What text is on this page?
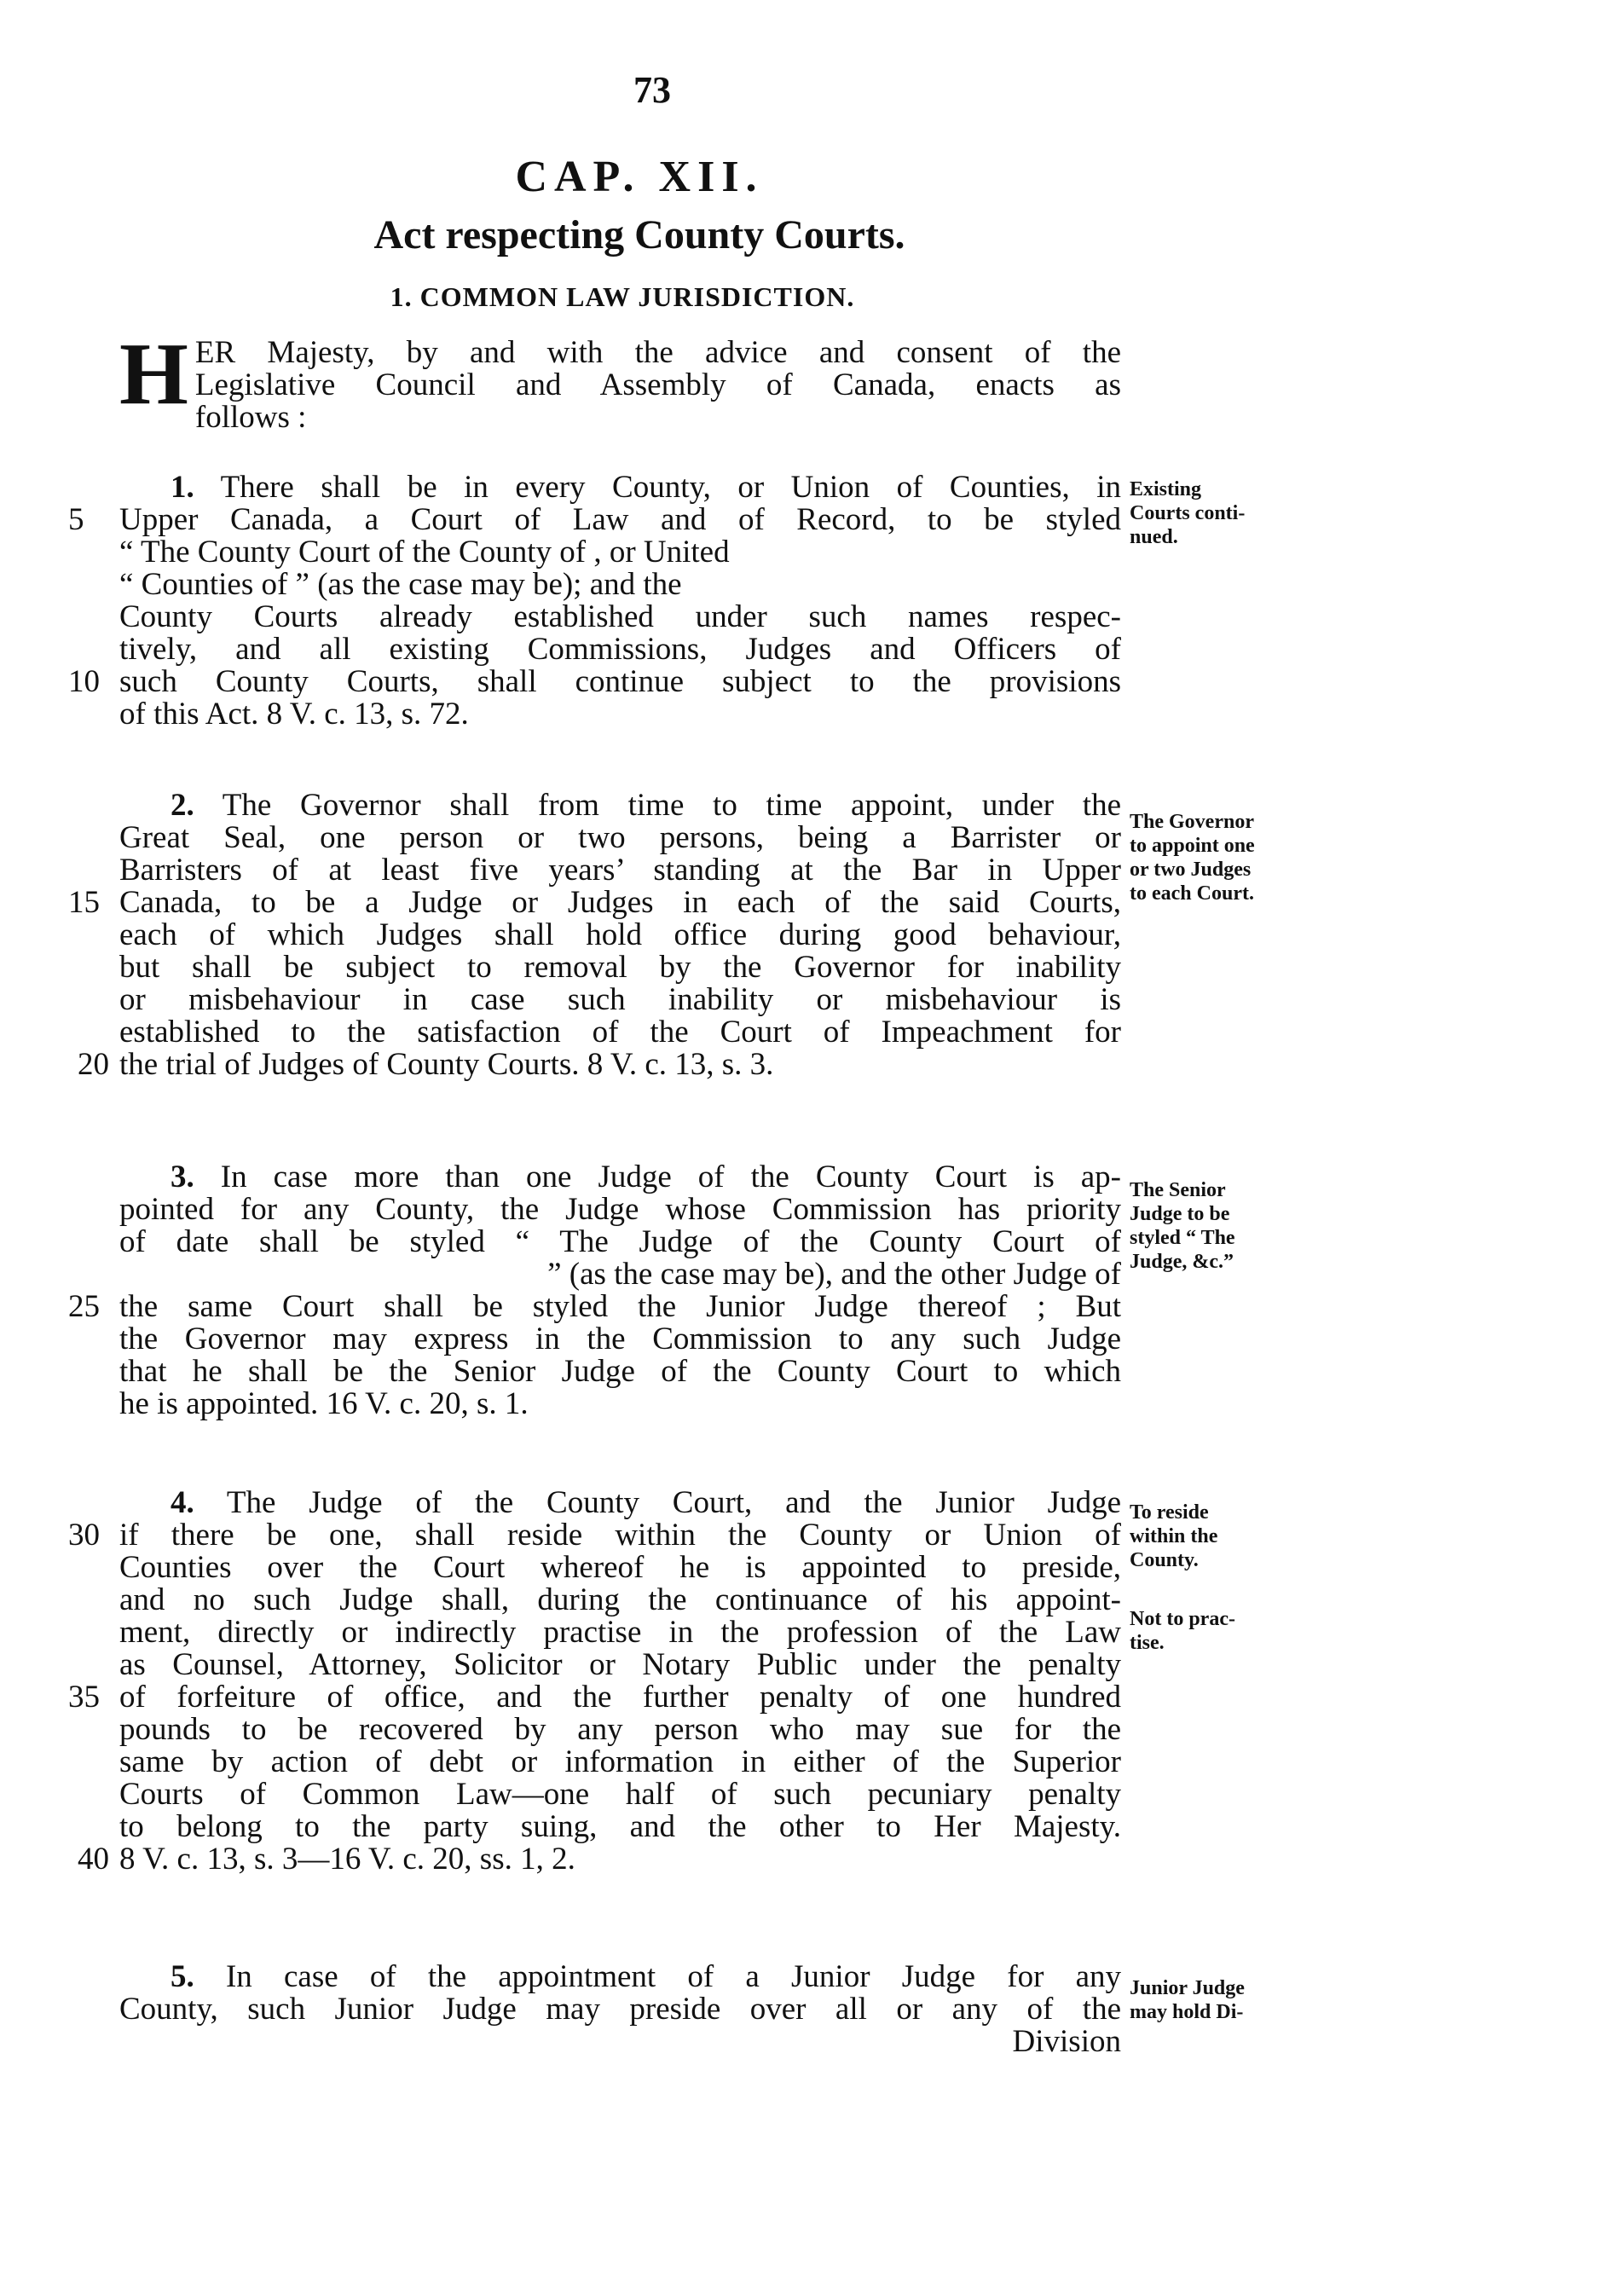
73
CAP. XII.
Act respecting County Courts.
1. COMMON LAW JURISDICTION.
H ER Majesty, by and with the advice and consent of the
Legislative Council and Assembly of Canada, enacts as
follows :
1. There shall be in every County, or Union of Counties, in
5	Upper Canada, a Court of Law and of Record, to be styled
“ The County Court of the County of , or United
“ Counties of ” (as the case may be); and the
County Courts already established under such names respec-
tively, and all existing Commissions, Judges and Officers of
10 such County Courts, shall continue subject to the provisions
of this Act. 8 V. c. 13, s. 72.
Existing
Courts conti-
nued.
2. The Governor shall from time to time appoint, under the
Great Seal, one person or two persons, being a Barrister or
Barristers of at least five years’ standing at the Bar in Upper
15 Canada, to be a Judge or Judges in each of the said Courts,
each of which Judges shall hold office during good behaviour,
but shall be subject to removal by the Governor for inability
or misbehaviour in case such inability or misbehaviour is
established to the satisfaction of the Court of Impeachment for
20 the trial of Judges of County Courts. 8 V. c. 13, s. 3.
The Governor
to appoint one
or two Judges
to each Court.
3. In case more than one Judge of the County Court is ap-
pointed for any County, the Judge whose Commission has priority
of date shall be styled “ The Judge of the County Court of
” (as the case may be), and the other Judge of
25 the same Court shall be styled the Junior Judge thereof ; But
the Governor may express in the Commission to any such Judge
that he shall be the Senior Judge of the County Court to which
he is appointed. 16 V. c. 20, s. 1.
The Senior
Judge to be
styled “ The
Judge, &c.”
4. The Judge of the County Court, and the Junior Judge
30 if there be one, shall reside within the County or Union of
Counties over the Court whereof he is appointed to preside,
and no such Judge shall, during the continuance of his appoint-
ment, directly or indirectly practise in the profession of the Law
as Counsel, Attorney, Solicitor or Notary Public under the penalty
35 of forfeiture of office, and the further penalty of one hundred
pounds to be recovered by any person who may sue for the
same by action of debt or information in either of the Superior
Courts of Common Law—one half of such pecuniary penalty
to belong to the party suing, and the other to Her Majesty.
40 8 V. c. 13, s. 3—16 V. c. 20, ss. 1, 2.
To reside
within the
County.
Not to prac-
tise.
5. In case of the appointment of a Junior Judge for any
County, such Junior Judge may preside over all or any of the
Division
Junior Judge
may hold Di-
